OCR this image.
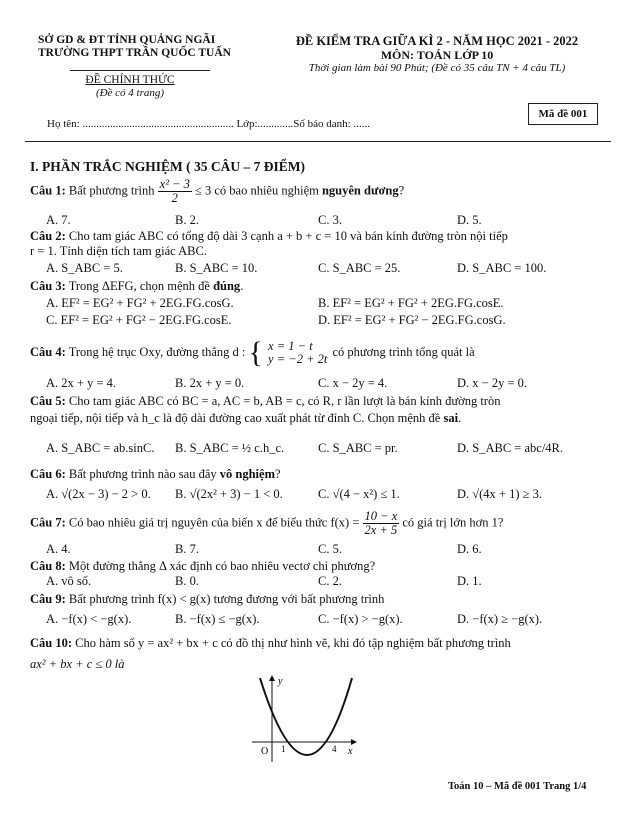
SỞ GD & ĐT TỈNH QUẢNG NGÃI
TRƯỜNG THPT TRẦN QUỐC TUẤN
ĐỀ CHÍNH THỨC
(Đề có 4 trang)
ĐỀ KIỂM TRA GIỮA KÌ 2 - NĂM HỌC 2021 - 2022
MÔN: TOÁN LỚP 10
Thời gian làm bài 90 Phút; (Đề có 35 câu TN + 4 câu TL)
Mã đề 001
Họ tên: ....................................................... Lớp:.............Số báo danh: ......
I. PHẦN TRẮC NGHIỆM ( 35 CÂU – 7 ĐIỂM)
Câu 1: Bất phương trình $\frac{\text{x² − 3}}{2} \le 3$ có bao nhiêu nghiệm nguyên dương?
A. 7.	B. 2.	C. 3.	D. 5.
Câu 2: Cho tam giác ABC có tổng độ dài 3 cạnh a + b + c = 10 và bán kính đường tròn nội tiếp
r = 1. Tính diện tích tam giác ABC.
A. S_ABC = 5.	B. S_ABC = 10.	C. S_ABC = 25.	D. S_ABC = 100.
Câu 3: Trong ΔEFG, chọn mệnh đề đúng.
A. EF² = EG² + FG² + 2EG.FG.cosG.	B. EF² = EG² + FG² + 2EG.FG.cosE.
C. EF² = EG² + FG² − 2EG.FG.cosE.	D. EF² = EG² + FG² − 2EG.FG.cosG.
Câu 4: Trong hệ trục Oxy, đường thẳng d : { x = 1 − t
y = −2 + 2t
có phương trình tổng quát là
A. 2x + y = 4.	B. 2x + y = 0.	C. x − 2y = 4.	D. x − 2y = 0.
Câu 5: Cho tam giác ABC có BC = a, AC = b, AB = c, có R, r lần lượt là bán kính đường tròn
ngoại tiếp, nội tiếp và h_c là độ dài đường cao xuất phát từ đỉnh C. Chọn mệnh đề sai.
A. S_ABC = ab.sinC. B. S_ABC = ½ c.h_c.	C. S_ABC = pr.	D. S_ABC = abc/4R.
Câu 6: Bất phương trình nào sau đây vô nghiệm?
A. √(2x − 3) − 2 > 0. B. √(2x² + 3) − 1 < 0.	C. √(4 − x²) ≤ 1.	D. √(4x + 1) ≥ 3.
Câu 7: Có bao nhiêu giá trị nguyên của biến x để biểu thức $f(x) = \frac{10 - x}{2x + 5}$ có giá trị lớn hơn 1?
A. 4.	B. 7.	C. 5.	D. 6.
Câu 8: Một đường thẳng Δ xác định có bao nhiêu vectơ chỉ phương?
A. vô số.	B. 0.	C. 2.	D. 1.
Câu 9: Bất phương trình f(x) < g(x) tương đương với bất phương trình
A. −f(x) < −g(x).	B. −f(x) ≤ −g(x).	C. −f(x) > −g(x).	D. −f(x) ≥ −g(x).
Câu 10: Cho hàm số y = ax² + bx + c có đồ thị như hình vẽ, khi đó tập nghiệm bất phương trình
ax² + bx + c ≤ 0 là
y
x
O 1	4
Toán 10 – Mã đề 001 Trang 1/4
